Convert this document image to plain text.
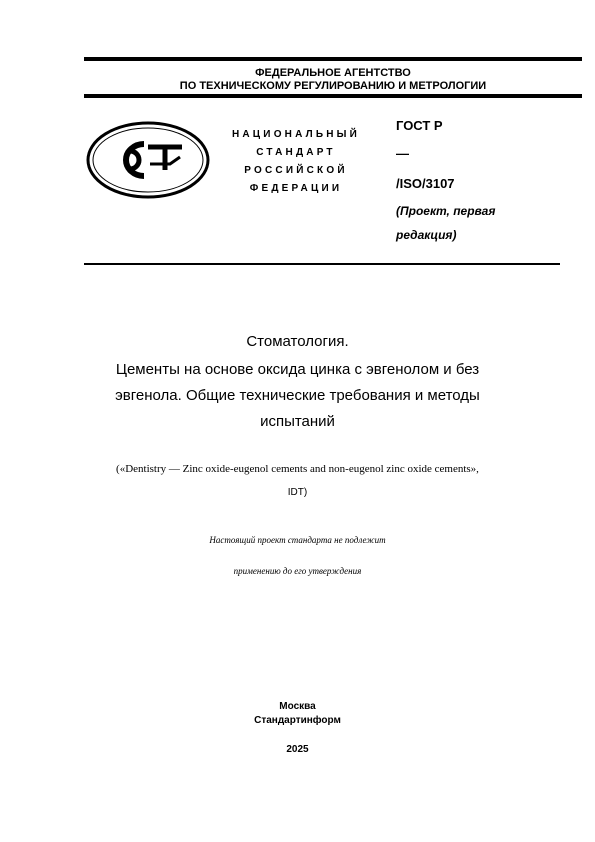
ФЕДЕРАЛЬНОЕ АГЕНТСТВО
ПО ТЕХНИЧЕСКОМУ РЕГУЛИРОВАНИЮ И МЕТРОЛОГИИ
НАЦИОНАЛЬНЫЙ
СТАНДАРТ
РОССИЙСКОЙ
ФЕДЕРАЦИИ
ГОСТ Р
—
/ISO/3107
(Проект, первая
редакция)
Стоматология.
Цементы на основе оксида цинка с эвгенолом и без
эвгенола. Общие технические требования и методы
испытаний
(«Dentistry — Zinc oxide-eugenol cements and non-eugenol zinc oxide cements»,
IDT)
Настоящий проект стандарта не подлежит
применению до его утверждения
Москва
Стандартинформ
2025
